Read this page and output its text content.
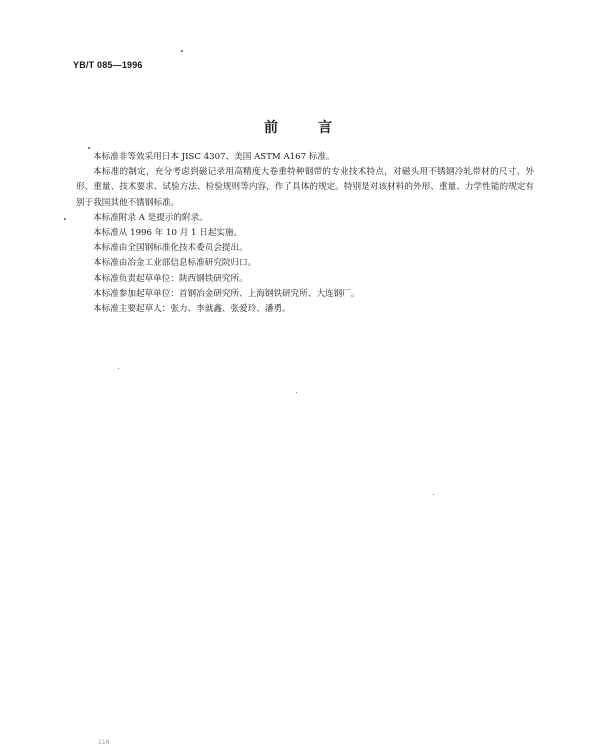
YB/T 085—1996
前言

本标准非等效采用日本 JISC 4307、美国 ASTM A167 标准。

本标准的制定，充分考虑到磁记录用高精度大卷重特种钢带的专业技术特点，对磁头用不锈钢冷轧带材的尺寸、外形、重量、技术要求、试验方法、检验规则等内容，作了具体的规定。特别是对该材料的外形、重量、力学性能的规定有别于我国其他不锈钢标准。

本标准附录 A 是提示的附录。

本标准从 1996 年 10 月 1 日起实施。

本标准由全国钢标准化技术委员会提出。

本标准由冶金工业部信息标准研究院归口。

本标准负责起草单位：陕西钢铁研究所。

本标准参加起草单位：首钢冶金研究所、上海钢铁研究所、大连钢厂。

本标准主要起草人：张力、李就鑫、张爱玲、潘勇。

116
